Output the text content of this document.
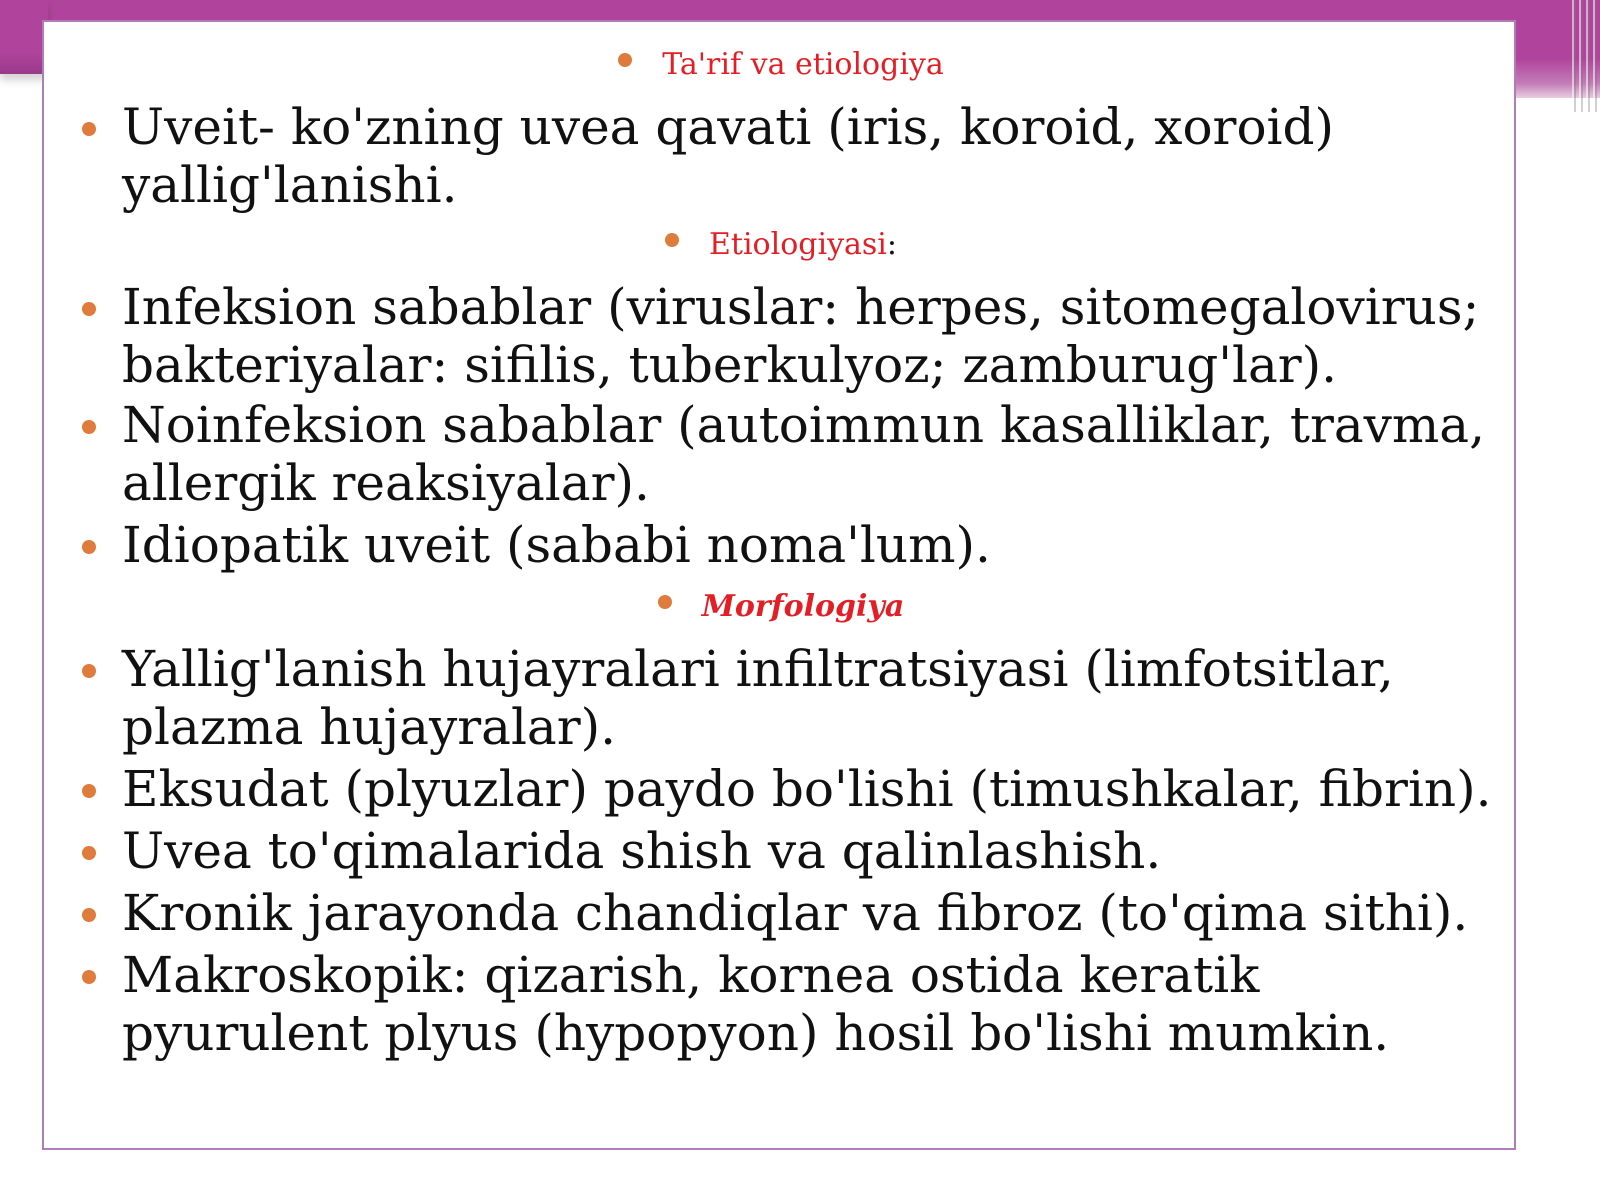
Ta'rif va etiologiya
Uveit- ko'zning uvea qavati (iris, koroid, xoroid)
yallig'lanishi.
Etiologiyasi:
Infeksion sabablar (viruslar: herpes, sitomegalovirus;
bakteriyalar: sifilis, tuberkulyoz; zamburug'lar).
Noinfeksion sabablar (autoimmun kasalliklar, travma,
allergik reaksiyalar).
Idiopatik uveit (sababi noma'lum).
Morfologiya
Yallig'lanish hujayralari infiltratsiyasi (limfotsitlar,
plazma hujayralar).
Eksudat (plyuzlar) paydo bo'lishi (timushkalar, fibrin).
Uvea to'qimalarida shish va qalinlashish.
Kronik jarayonda chandiqlar va fibroz (to'qima sithi).
Makroskopik: qizarish, kornea ostida keratik
pyurulent plyus (hypopyon) hosil bo'lishi mumkin.
